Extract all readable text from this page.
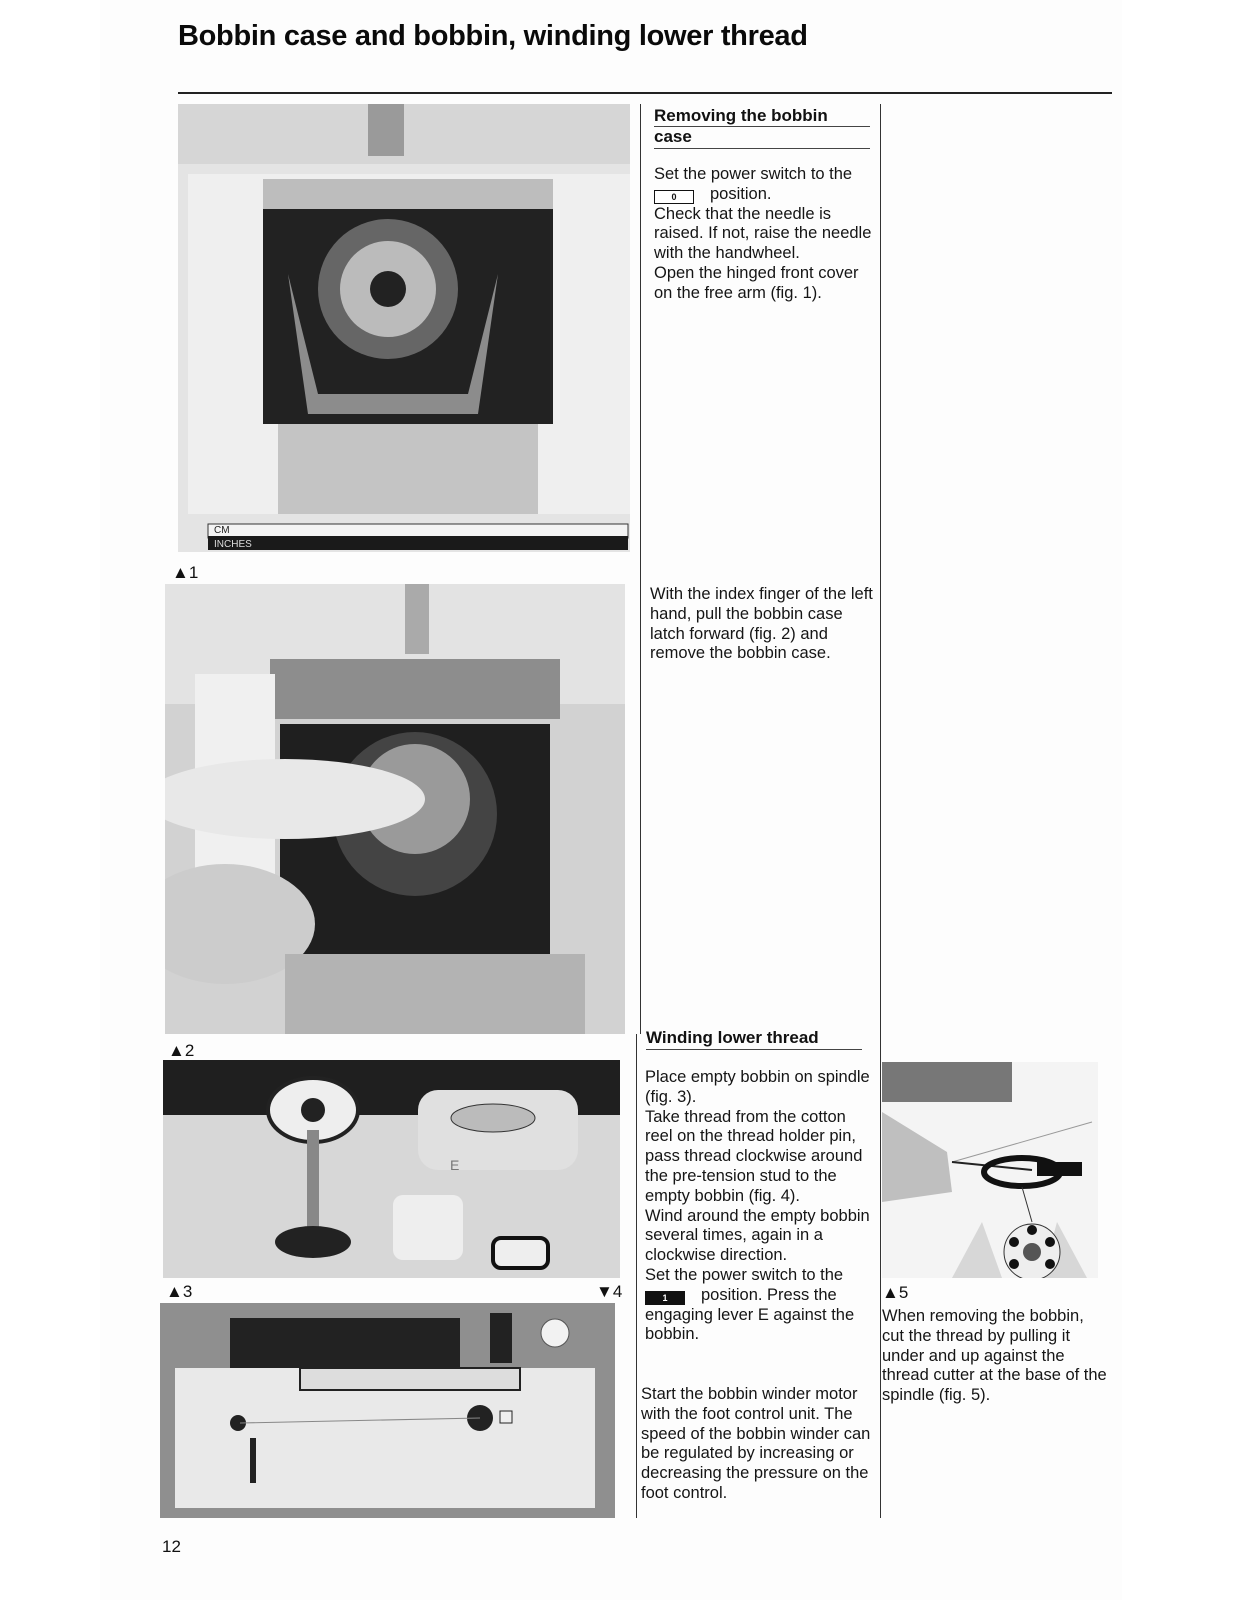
Bobbin case and bobbin, winding lower thread
CM
INCHES
▲1
▲2
E
▲3	▼4	▲5
Removing the bobbin
case

Set the power switch to the
0 position.

Check that the needle is raised. If not, raise the needle with the handwheel.

Open the hinged front cover on the free arm (fig. 1).

With the index finger of the left hand, pull the bobbin case latch forward (fig. 2) and remove the bobbin case.

Winding lower thread

Place empty bobbin on spindle (fig. 3).

Take thread from the cotton reel on the thread holder pin, pass thread clockwise around the pre-tension stud to the empty bobbin (fig. 4).

Wind around the empty bobbin several times, again in a clockwise direction.

Set the power switch to the
1 position. Press the engaging lever E against the bobbin.

Start the bobbin winder motor with the foot control unit. The speed of the bobbin winder can be regulated by increasing or decreasing the pressure on the foot control.

When removing the bobbin, cut the thread by pulling it under and up against the thread cutter at the base of the spindle (fig. 5).
12
